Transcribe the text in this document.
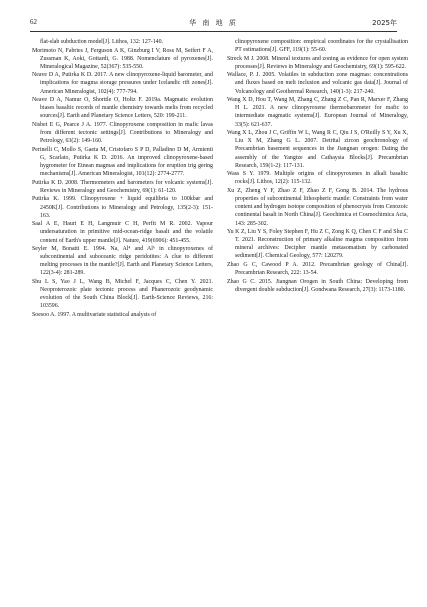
62	华 南 地 质	2025年

flat-slab subduction model[J]. Lithos, 132: 127-140.

Morimoto N, Fabries J, Ferguson A K, Ginzburg I V, Ross M, Seifert F A, Zussman K, Aoki, Gottardi, G. 1988. Nomenclature of pyroxenes[J]. Mineralogical Magazine, 52(367): 535-550.

Neave D A, Putirka K D. 2017. A new clinopyroxene-liquid barometer, and implications for magma storage pressures under Icelandic rift zones[J]. American Mineralogist, 102(4): 777-794.

Neave D A, Namur O, Shorttle O, Holtz F. 2019a. Magmatic evolution biases basaltic records of mantle chemistry towards melts from recycled sources[J]. Earth and Planetary Science Letters, 520: 199-211.

Nisbet E G, Pearce J A. 1977. Clinopyroxene composition in mafic lavas from different tectonic settings[J]. Contributions to Mineralogy and Petrology, 63(2): 149-160.

Perinelli C, Mollo S, Gaeta M, Cristofaro S P D, Palladino D M, Armienti G, Scarlato, Putirka K D. 2016. An improved clinopyroxene-based hygrometer for Etnean magmas and implications for eruption trig gering mechanisms[J]. American Mineralogist, 101(12): 2774-2777.

Putirka K D. 2008. Thermometers and barometers for volcanic systems[J]. Reviews in Mineralogy and Geochemistry, 69(1): 61-120.

Putirka K. 1999. Clinopyroxene + liquid equilibria to 100kbar and 2450K[J]. Contributions to Mineralogy and Petrology, 135(2-3): 151-163.

Saal A E, Hauri E H, Langmuir C H, Perfit M R. 2002. Vapour undersaturation in primitive mid-ocean-ridge basalt and the volatile content of Earth's upper mantle[J]. Nature, 419(6906): 451-455.

Seyler M, Bonatti E. 1994. Na, Al⁴ and Al⁶ in clinopyroxenes of subcontinental and suboceanic ridge peridotites: A clue to different melting processes in the mantle?[J]. Earth and Planetary Science Letters, 122(3-4): 281-289.

Shu L S, Yao J L, Wang B, Michel F, Jacques C, Chen Y. 2021. Neoproterozoic plate tectonic process and Phanerozoic geodynamic evolution of the South China Block[J]. Earth-Science Reviews, 216: 103596.

Soesoo A. 1997. A multivariate statistical analysis of

clinopyroxene composition: empirical coordinates for the crystallisation PT estimations[J]. GFF, 119(1): 55-60.

Streck M J. 2008. Mineral textures and zoning as evidence for open system processes[J]. Reviews in Mineralogy and Geochemistry, 69(1): 595-622.

Wallace, P. J. 2005. Volatiles in subduction zone magmas: concentrations and fluxes based on melt inclusion and volcanic gas data[J]. Journal of Volcanology and Geothermal Research, 140(1-3): 217-240.

Wang X D, Hou T, Wang M, Zhang C, Zhang Z C, Pan R, Marxer F, Zhang H L. 2021. A new clinopyroxene thermobarometer for mafic to intermediate magmatic systems[J]. European Journal of Mineralogy, 33(5): 621-637.

Wang X L, Zhou J C, Griffin W L, Wang R C, Qiu J S, O'Reilly S Y, Xu X, Liu X M, Zhang G L. 2007. Detrital zircon geochronology of Precambrian basement sequences in the Jiangnan orogen: Dating the assembly of the Yangtze and Cathaysia Blocks[J]. Precambrian Research, 159(1-2): 117-131.

Wass S Y. 1979. Multiple origins of clinopyroxenes in alkali basaltic rocks[J]. Lithos, 12(2): 115-132.

Xu Z, Zheng Y F, Zhao Z F, Zhao Z F, Gong B. 2014. The hydrous properties of subcontinental lithospheric mantle: Constraints from water content and hydrogen isotope composition of phenocrysts from Cenozoic continental basalt in North China[J]. Geochimica et Cosmochimica Acta, 143: 285-302.

Yu K Z, Liu Y S, Foley Stephen F, Hu Z C, Zong K Q, Chen C F and Shu C T. 2021. Reconstruction of primary alkaline magma composition from mineral archives: Decipher mantle metasomatism by carbonated sediment[J]. Chemical Geology, 577: 120279.

Zhao G C, Cawood P A. 2012. Precambrian geology of China[J]. Precambrian Research, 222: 13-54.

Zhao G C. 2015. Jiangnan Orogen in South China: Developing from divergent double subduction[J]. Gondwana Research, 27(3): 1173-1180.
